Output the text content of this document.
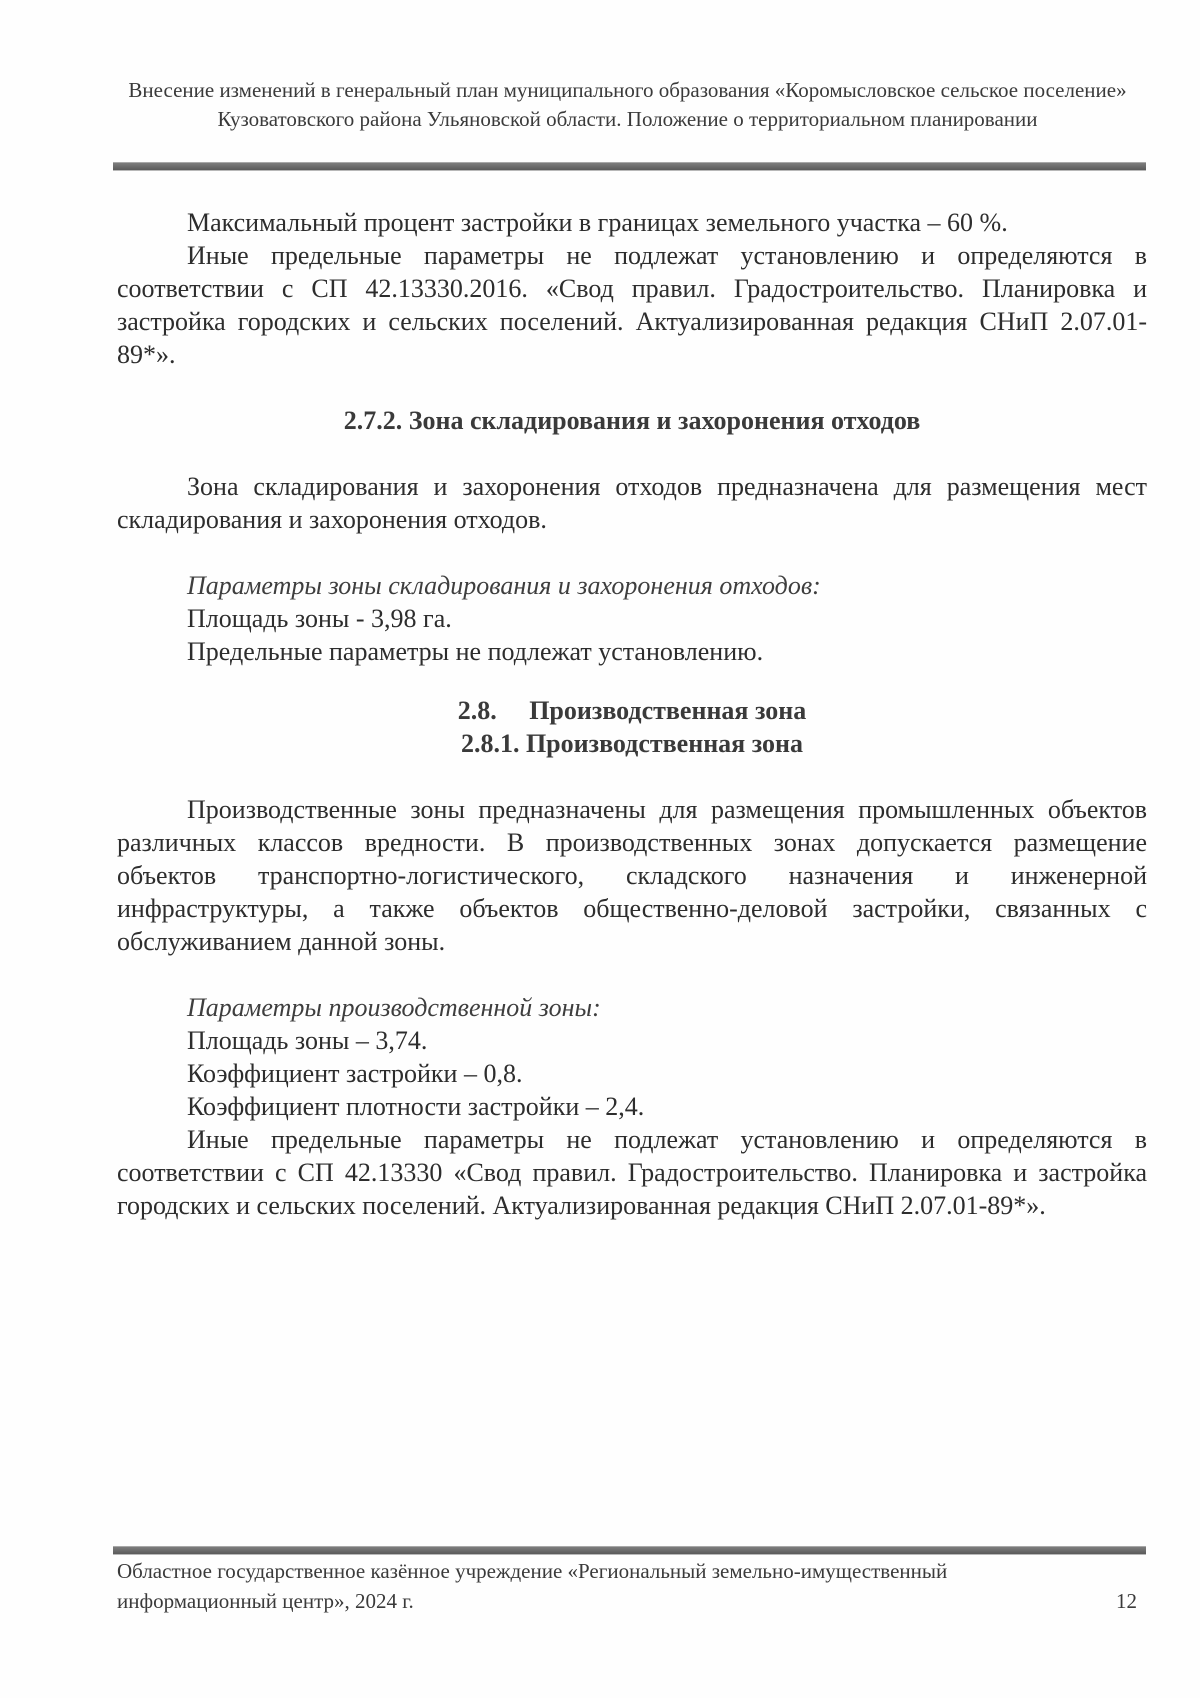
Внесение изменений в генеральный план муниципального образования «Коромысловское сельское поселение» Кузоватовского района Ульяновской области. Положение о территориальном планировании

Максимальный процент застройки в границах земельного участка – 60 %.

Иные предельные параметры не подлежат установлению и определяются в соответствии с СП 42.13330.2016. «Свод правил. Градостроительство. Планировка и застройка городских и сельских поселений. Актуализированная редакция СНиП 2.07.01-89*».

2.7.2. Зона складирования и захоронения отходов

Зона складирования и захоронения отходов предназначена для размещения мест складирования и захоронения отходов.

Параметры зоны складирования и захоронения отходов:

Площадь зоны - 3,98 га.

Предельные параметры не подлежат установлению.

2.8.     Производственная зона

2.8.1. Производственная зона

Производственные зоны предназначены для размещения промышленных объектов различных классов вредности. В производственных зонах допускается размещение объектов транспортно-логистического, складского назначения и инженерной инфраструктуры, а также объектов общественно-деловой застройки, связанных с обслуживанием данной зоны.

Параметры производственной зоны:

Площадь зоны – 3,74.

Коэффициент застройки – 0,8.

Коэффициент плотности застройки – 2,4.

Иные предельные параметры не подлежат установлению и определяются в соответствии с СП 42.13330 «Свод правил. Градостроительство. Планировка и застройка городских и сельских поселений. Актуализированная редакция СНиП 2.07.01-89*».

Областное государственное казённое учреждение «Региональный земельно-имущественный информационный центр», 2024 г.	12
